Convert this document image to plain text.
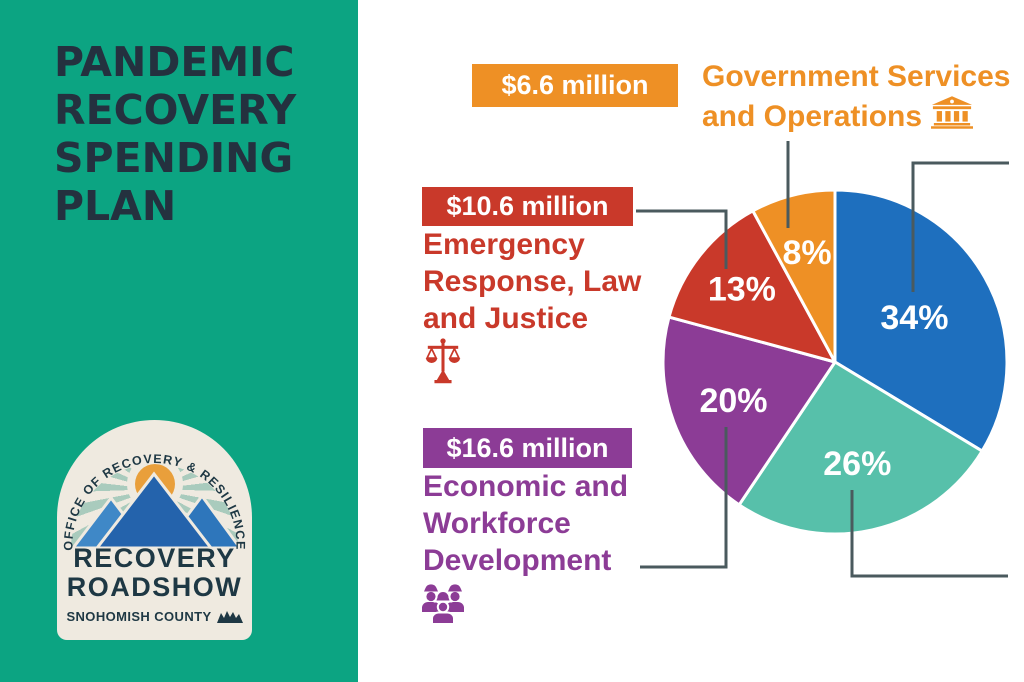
PANDEMIC
RECOVERY
SPENDING
PLAN
OFFICE OF RECOVERY & RESILIENCE
RECOVERY
ROADSHOW
SNOHOMISH COUNTY
34%
26%
20%
13%
8%
$6.6 million Government Services
and Operations
$10.6 million
Emergency
Response, Law
and Justice
$16.6 million
Economic and
Workforce
Development
